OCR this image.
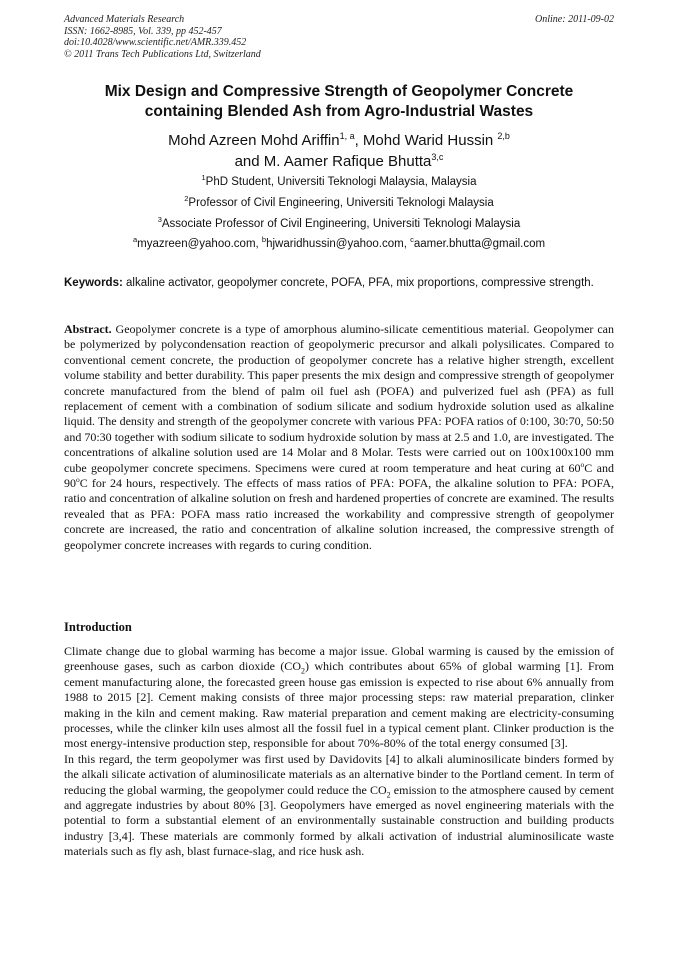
Advanced Materials Research
ISSN: 1662-8985, Vol. 339, pp 452-457
doi:10.4028/www.scientific.net/AMR.339.452
© 2011 Trans Tech Publications Ltd, Switzerland
Online: 2011-09-02
Mix Design and Compressive Strength of Geopolymer Concrete
containing Blended Ash from Agro-Industrial Wastes
Mohd Azreen Mohd Ariffin$^{1, a}$, Mohd Warid Hussin $^{2,b}$
and M. Aamer Rafique Bhutta$^{3,c}$
$^1$PhD Student, Universiti Teknologi Malaysia, Malaysia
$^2$Professor of Civil Engineering, Universiti Teknologi Malaysia
$^3$Associate Professor of Civil Engineering, Universiti Teknologi Malaysia
$^a$myazreen@yahoo.com, $^b$hjwaridhussin@yahoo.com, $^c$aamer.bhutta@gmail.com
Keywords: alkaline activator, geopolymer concrete, POFA, PFA, mix proportions, compressive strength.
Abstract. Geopolymer concrete is a type of amorphous alumino-silicate cementitious material. Geopolymer can be polymerized by polycondensation reaction of geopolymeric precursor and alkali polysilicates. Compared to conventional cement concrete, the production of geopolymer concrete has a relative higher strength, excellent volume stability and better durability. This paper presents the mix design and compressive strength of geopolymer concrete manufactured from the blend of palm oil fuel ash (POFA) and pulverized fuel ash (PFA) as full replacement of cement with a combination of sodium silicate and sodium hydroxide solution used as alkaline liquid. The density and strength of the geopolymer concrete with various PFA: POFA ratios of 0:100, 30:70, 50:50 and 70:30 together with sodium silicate to sodium hydroxide solution by mass at 2.5 and 1.0, are investigated. The concentrations of alkaline solution used are 14 Molar and 8 Molar. Tests were carried out on 100x100x100 mm cube geopolymer concrete specimens. Specimens were cured at room temperature and heat curing at 60$^o$C and 90$^o$C for 24 hours, respectively. The effects of mass ratios of PFA: POFA, the alkaline solution to PFA: POFA, ratio and concentration of alkaline solution on fresh and hardened properties of concrete are examined. The results revealed that as PFA: POFA mass ratio increased the workability and compressive strength of geopolymer concrete are increased, the ratio and concentration of alkaline solution increased, the compressive strength of geopolymer concrete increases with regards to curing condition.
Introduction

Climate change due to global warming has become a major issue. Global warming is caused by the emission of greenhouse gases, such as carbon dioxide $(CO_2)$ which contributes about 65% of global warming [1]. From cement manufacturing alone, the forecasted green house gas emission is expected to rise about 6% annually from 1988 to 2015 [2]. Cement making consists of three major processing steps: raw material preparation, clinker making in the kiln and cement making. Raw material preparation and cement making are electricity-consuming processes, while the clinker kiln uses almost all the fossil fuel in a typical cement plant. Clinker production is the most energy-intensive production step, responsible for about 70%-80% of the total energy consumed [3].

In this regard, the term geopolymer was first used by Davidovits [4] to alkali aluminosilicate binders formed by the alkali silicate activation of aluminosilicate materials as an alternative binder to the Portland cement. In term of reducing the global warming, the geopolymer could reduce the $CO_2$ emission to the atmosphere caused by cement and aggregate industries by about 80% [3]. Geopolymers have emerged as novel engineering materials with the potential to form a substantial element of an environmentally sustainable construction and building products industry [3,4]. These materials are commonly formed by alkali activation of industrial aluminosilicate waste materials such as fly ash, blast furnace-slag, and rice husk ash.
